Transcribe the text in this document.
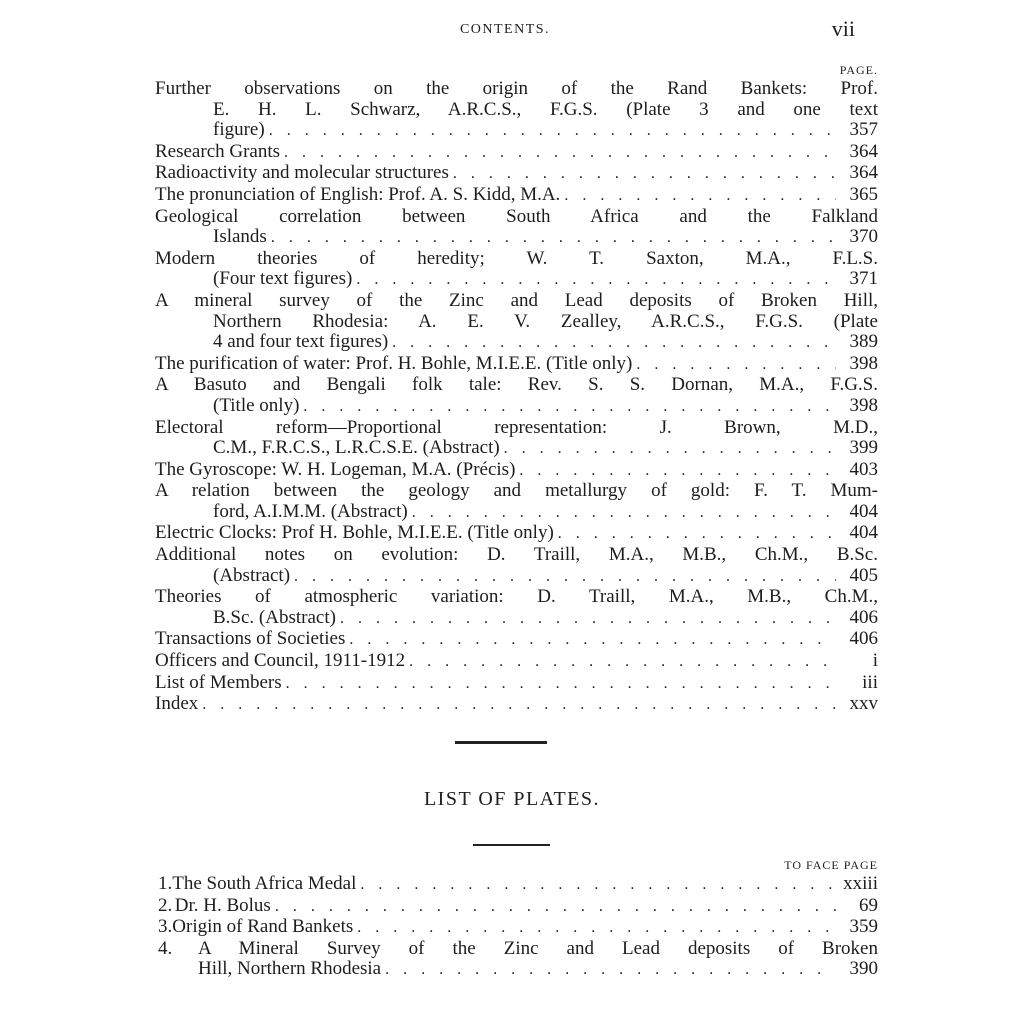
CONTENTS.	vii
PAGE.
Further observations on the origin of the Rand Bankets: Prof.
E. H. L. Schwarz, A.R.C.S., F.G.S. (Plate 3 and one text
figure) . . .	357
Research Grants . . .	364
Radioactivity and molecular structures . . .	364
The pronunciation of English: Prof. A. S. Kidd, M.A. . . .	365
Geological correlation between South Africa and the Falkland
Islands . . .	370
Modern theories of heredity; W. T. Saxton, M.A., F.L.S.
(Four text figures) . . .	371
A mineral survey of the Zinc and Lead deposits of Broken Hill,
Northern Rhodesia: A. E. V. Zealley, A.R.C.S., F.G.S. (Plate
4 and four text figures) . . .	389
The purification of water: Prof. H. Bohle, M.I.E.E. (Title only) . . .	398
A Basuto and Bengali folk tale: Rev. S. S. Dornan, M.A., F.G.S.
(Title only) . . .	398
Electoral reform—Proportional representation: J. Brown, M.D.,
C.M., F.R.C.S., L.R.C.S.E. (Abstract) . . .	399
The Gyroscope: W. H. Logeman, M.A. (Précis) . . .	403
A relation between the geology and metallurgy of gold: F. T. Mum-
ford, A.I.M.M. (Abstract) . . .	404
Electric Clocks: Prof H. Bohle, M.I.E.E. (Title only) . . .	404
Additional notes on evolution: D. Traill, M.A., M.B., Ch.M., B.Sc.
(Abstract) . . .	405
Theories of atmospheric variation: D. Traill, M.A., M.B., Ch.M.,
B.Sc. (Abstract) . . .	406
Transactions of Societies . . .	406
Officers and Council, 1911-1912 . . .	i
List of Members . . .	iii
Index . . .	xxv
LIST OF PLATES.
TO FACE PAGE
1. The South Africa Medal . . .	xxiii
2. Dr. H. Bolus . . .	69
3. Origin of Rand Bankets . . .	359
4. A Mineral Survey of the Zinc and Lead deposits of Broken
Hill, Northern Rhodesia . . .	390
